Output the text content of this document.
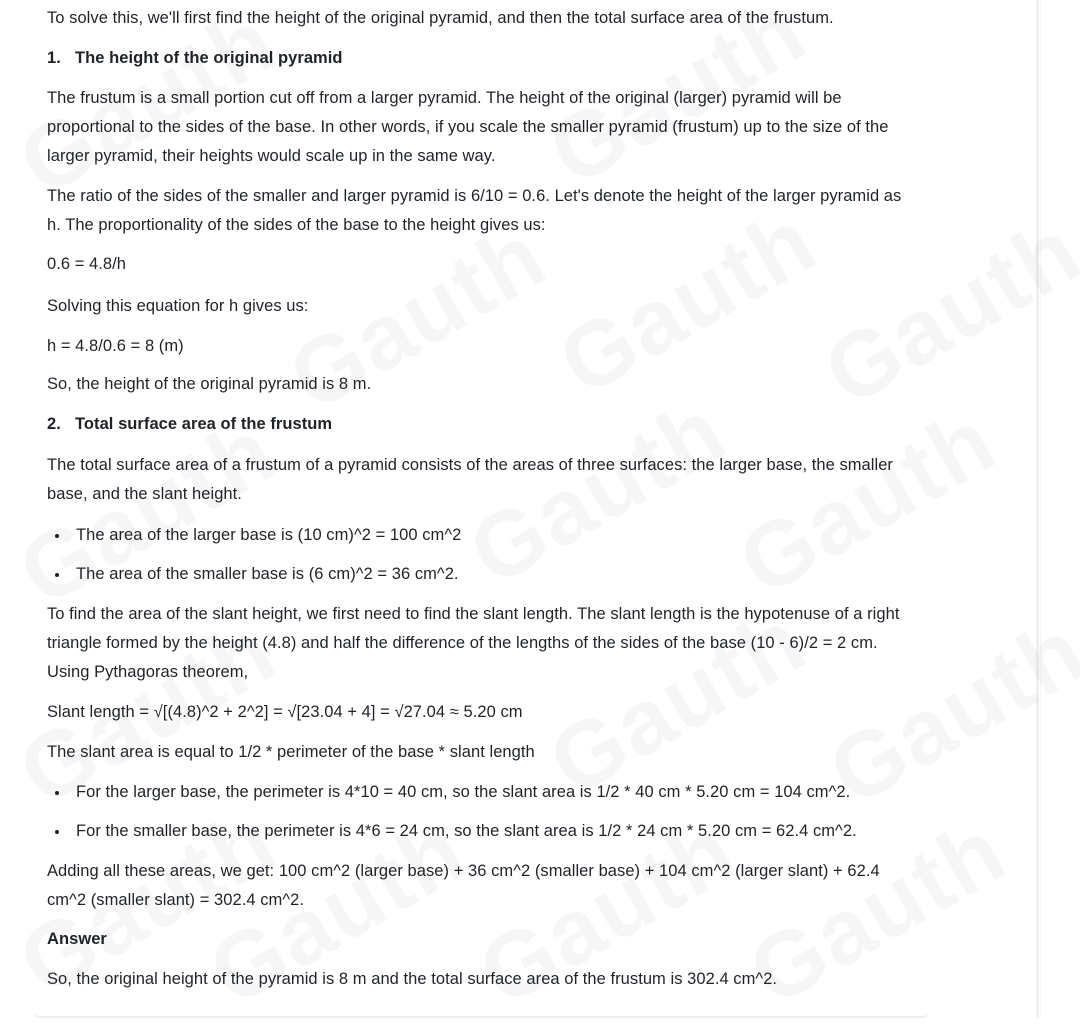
To solve this, we'll first find the height of the original pyramid, and then the total surface area of the frustum.

1. The height of the original pyramid

The frustum is a small portion cut off from a larger pyramid. The height of the original (larger) pyramid will be proportional to the sides of the base. In other words, if you scale the smaller pyramid (frustum) up to the size of the larger pyramid, their heights would scale up in the same way.

The ratio of the sides of the smaller and larger pyramid is 6/10 = 0.6. Let's denote the height of the larger pyramid as h. The proportionality of the sides of the base to the height gives us:

0.6 = 4.8/h

Solving this equation for h gives us:

h = 4.8/0.6 = 8 (m)

So, the height of the original pyramid is 8 m.

2. Total surface area of the frustum

The total surface area of a frustum of a pyramid consists of the areas of three surfaces: the larger base, the smaller base, and the slant height.

The area of the larger base is (10 cm)^2 = 100 cm^2
The area of the smaller base is (6 cm)^2 = 36 cm^2.

To find the area of the slant height, we first need to find the slant length. The slant length is the hypotenuse of a right triangle formed by the height (4.8) and half the difference of the lengths of the sides of the base (10 - 6)/2 = 2 cm. Using Pythagoras theorem,

Slant length = √[(4.8)^2 + 2^2] = √[23.04 + 4] = √27.04 ≈ 5.20 cm

The slant area is equal to 1/2 * perimeter of the base * slant length

For the larger base, the perimeter is 4*10 = 40 cm, so the slant area is 1/2 * 40 cm * 5.20 cm = 104 cm^2.
For the smaller base, the perimeter is 4*6 = 24 cm, so the slant area is 1/2 * 24 cm * 5.20 cm = 62.4 cm^2.

Adding all these areas, we get: 100 cm^2 (larger base) + 36 cm^2 (smaller base) + 104 cm^2 (larger slant) + 62.4 cm^2 (smaller slant) = 302.4 cm^2.

Answer

So, the original height of the pyramid is 8 m and the total surface area of the frustum is 302.4 cm^2.
